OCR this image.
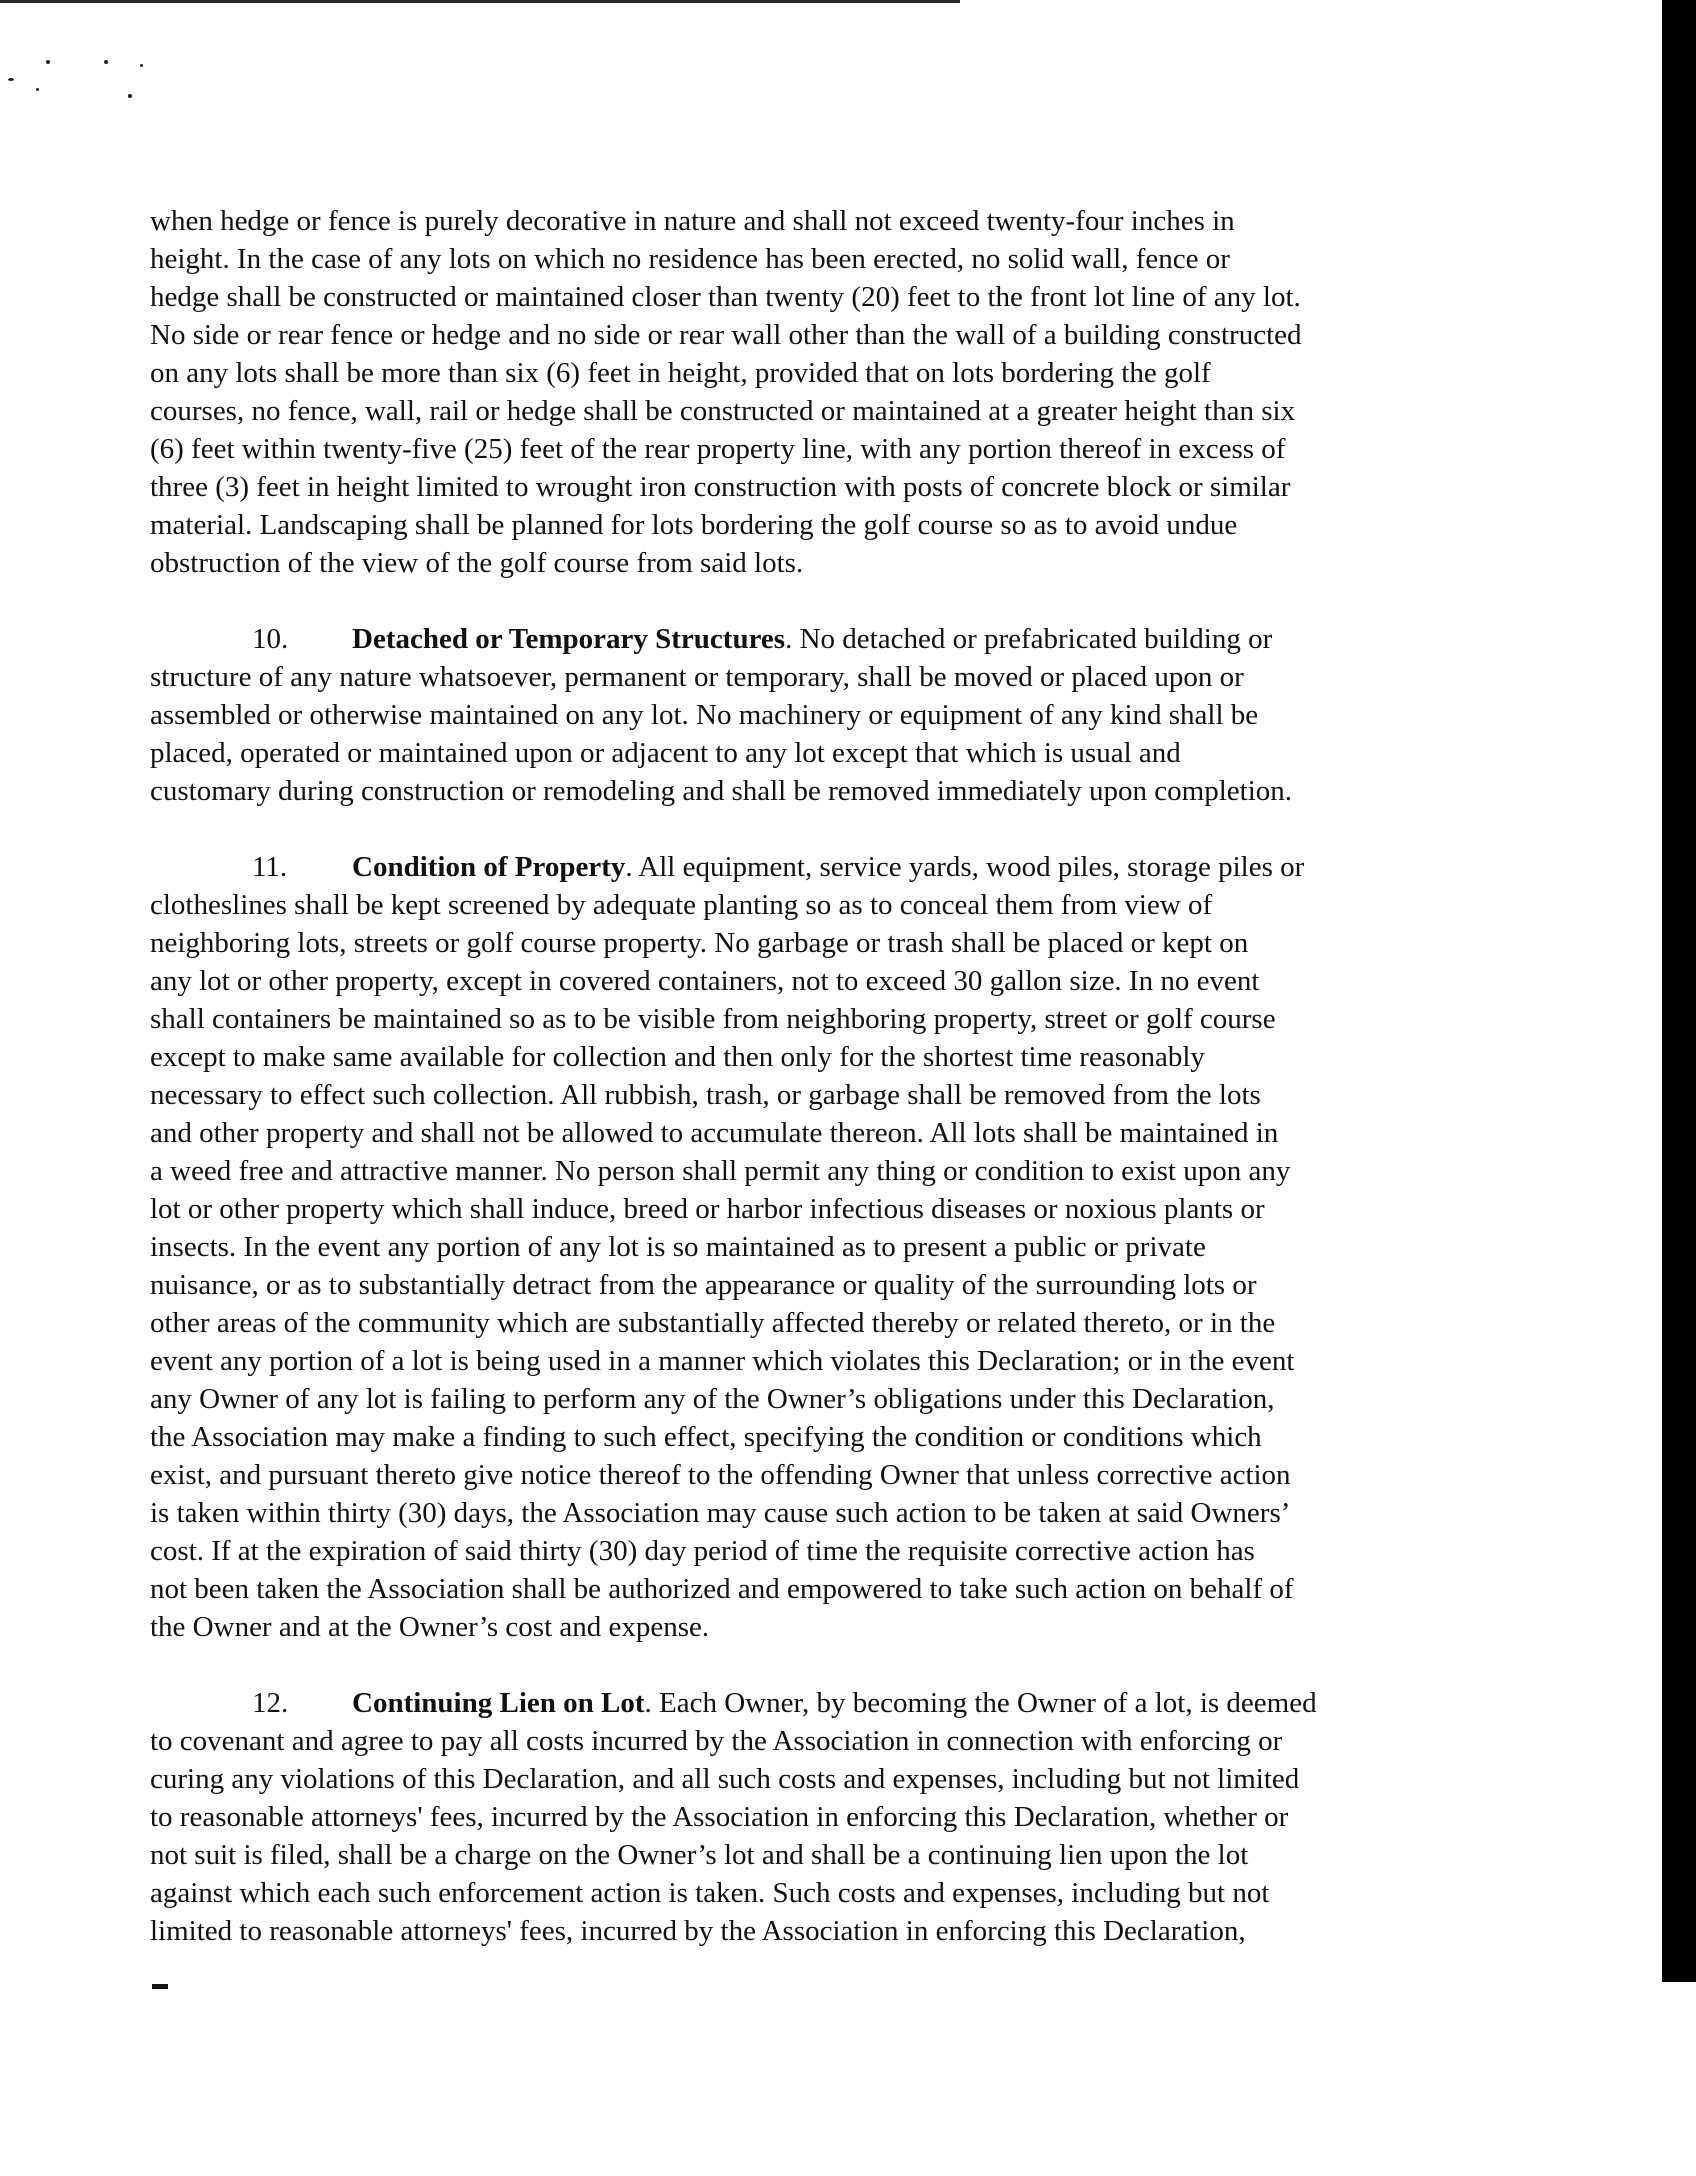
when hedge or fence is purely decorative in nature and shall not exceed twenty-four inches in
height. In the case of any lots on which no residence has been erected, no solid wall, fence or
hedge shall be constructed or maintained closer than twenty (20) feet to the front lot line of any lot.
No side or rear fence or hedge and no side or rear wall other than the wall of a building constructed
on any lots shall be more than six (6) feet in height, provided that on lots bordering the golf
courses, no fence, wall, rail or hedge shall be constructed or maintained at a greater height than six
(6) feet within twenty-five (25) feet of the rear property line, with any portion thereof in excess of
three (3) feet in height limited to wrought iron construction with posts of concrete block or similar
material. Landscaping shall be planned for lots bordering the golf course so as to avoid undue
obstruction of the view of the golf course from said lots.

10. Detached or Temporary Structures. No detached or prefabricated building or
structure of any nature whatsoever, permanent or temporary, shall be moved or placed upon or
assembled or otherwise maintained on any lot. No machinery or equipment of any kind shall be
placed, operated or maintained upon or adjacent to any lot except that which is usual and
customary during construction or remodeling and shall be removed immediately upon completion.

11. Condition of Property. All equipment, service yards, wood piles, storage piles or
clotheslines shall be kept screened by adequate planting so as to conceal them from view of
neighboring lots, streets or golf course property. No garbage or trash shall be placed or kept on
any lot or other property, except in covered containers, not to exceed 30 gallon size. In no event
shall containers be maintained so as to be visible from neighboring property, street or golf course
except to make same available for collection and then only for the shortest time reasonably
necessary to effect such collection. All rubbish, trash, or garbage shall be removed from the lots
and other property and shall not be allowed to accumulate thereon. All lots shall be maintained in
a weed free and attractive manner. No person shall permit any thing or condition to exist upon any
lot or other property which shall induce, breed or harbor infectious diseases or noxious plants or
insects. In the event any portion of any lot is so maintained as to present a public or private
nuisance, or as to substantially detract from the appearance or quality of the surrounding lots or
other areas of the community which are substantially affected thereby or related thereto, or in the
event any portion of a lot is being used in a manner which violates this Declaration; or in the event
any Owner of any lot is failing to perform any of the Owner’s obligations under this Declaration,
the Association may make a finding to such effect, specifying the condition or conditions which
exist, and pursuant thereto give notice thereof to the offending Owner that unless corrective action
is taken within thirty (30) days, the Association may cause such action to be taken at said Owners’
cost. If at the expiration of said thirty (30) day period of time the requisite corrective action has
not been taken the Association shall be authorized and empowered to take such action on behalf of
the Owner and at the Owner’s cost and expense.

12. Continuing Lien on Lot. Each Owner, by becoming the Owner of a lot, is deemed
to covenant and agree to pay all costs incurred by the Association in connection with enforcing or
curing any violations of this Declaration, and all such costs and expenses, including but not limited
to reasonable attorneys' fees, incurred by the Association in enforcing this Declaration, whether or
not suit is filed, shall be a charge on the Owner’s lot and shall be a continuing lien upon the lot
against which each such enforcement action is taken. Such costs and expenses, including but not
limited to reasonable attorneys' fees, incurred by the Association in enforcing this Declaration,
